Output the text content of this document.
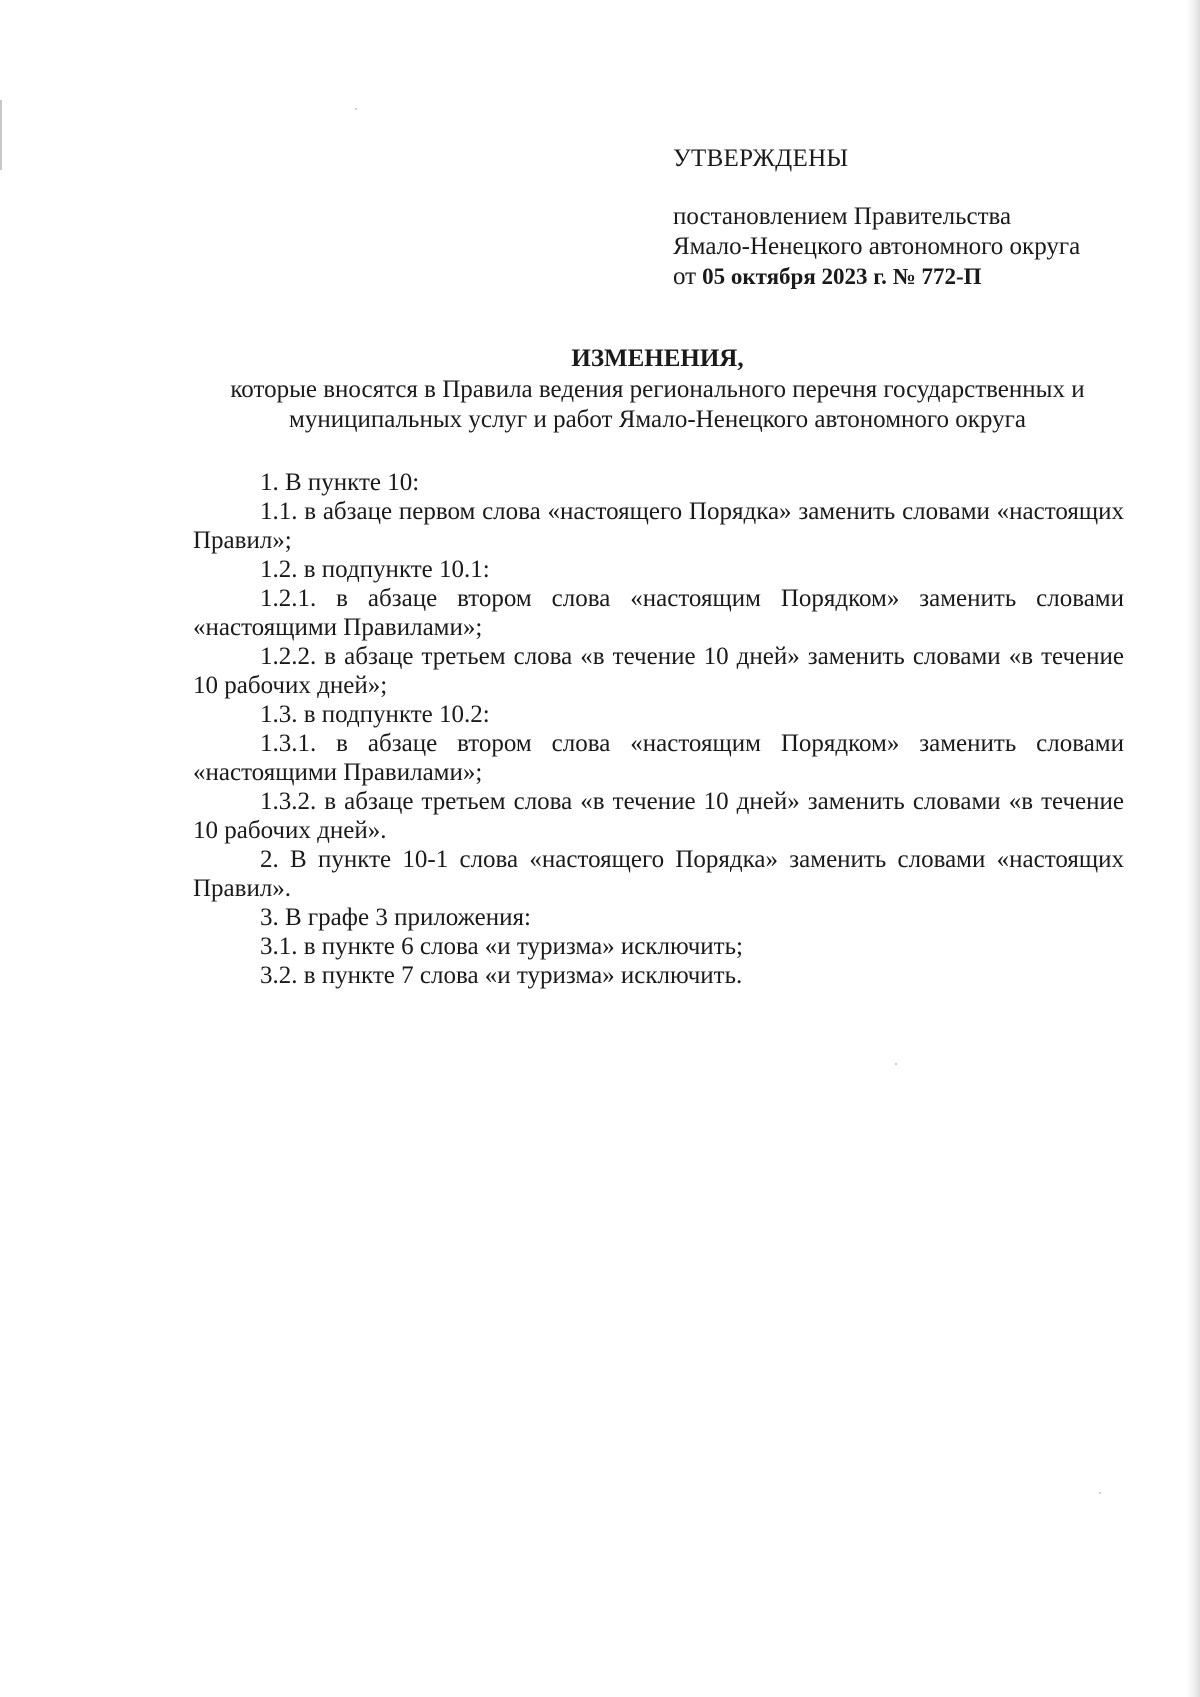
УТВЕРЖДЕНЫ
постановлением Правительства
Ямало-Ненецкого автономного округа
от 05 октября 2023 г. № 772-П
ИЗМЕНЕНИЯ,
которые вносятся в Правила ведения регионального перечня государственных и
муниципальных услуг и работ Ямало-Ненецкого автономного округа

1. В пункте 10:

1.1. в абзаце первом слова «настоящего Порядка» заменить словами «настоящих Правил»;

1.2. в подпункте 10.1:

1.2.1. в абзаце втором слова «настоящим Порядком» заменить словами «настоящими Правилами»;

1.2.2. в абзаце третьем слова «в течение 10 дней» заменить словами «в течение 10 рабочих дней»;

1.3. в подпункте 10.2:

1.3.1. в абзаце втором слова «настоящим Порядком» заменить словами «настоящими Правилами»;

1.3.2. в абзаце третьем слова «в течение 10 дней» заменить словами «в течение 10 рабочих дней».

2. В пункте 10-1 слова «настоящего Порядка» заменить словами «настоящих Правил».

3. В графе 3 приложения:

3.1. в пункте 6 слова «и туризма» исключить;

3.2. в пункте 7 слова «и туризма» исключить.
